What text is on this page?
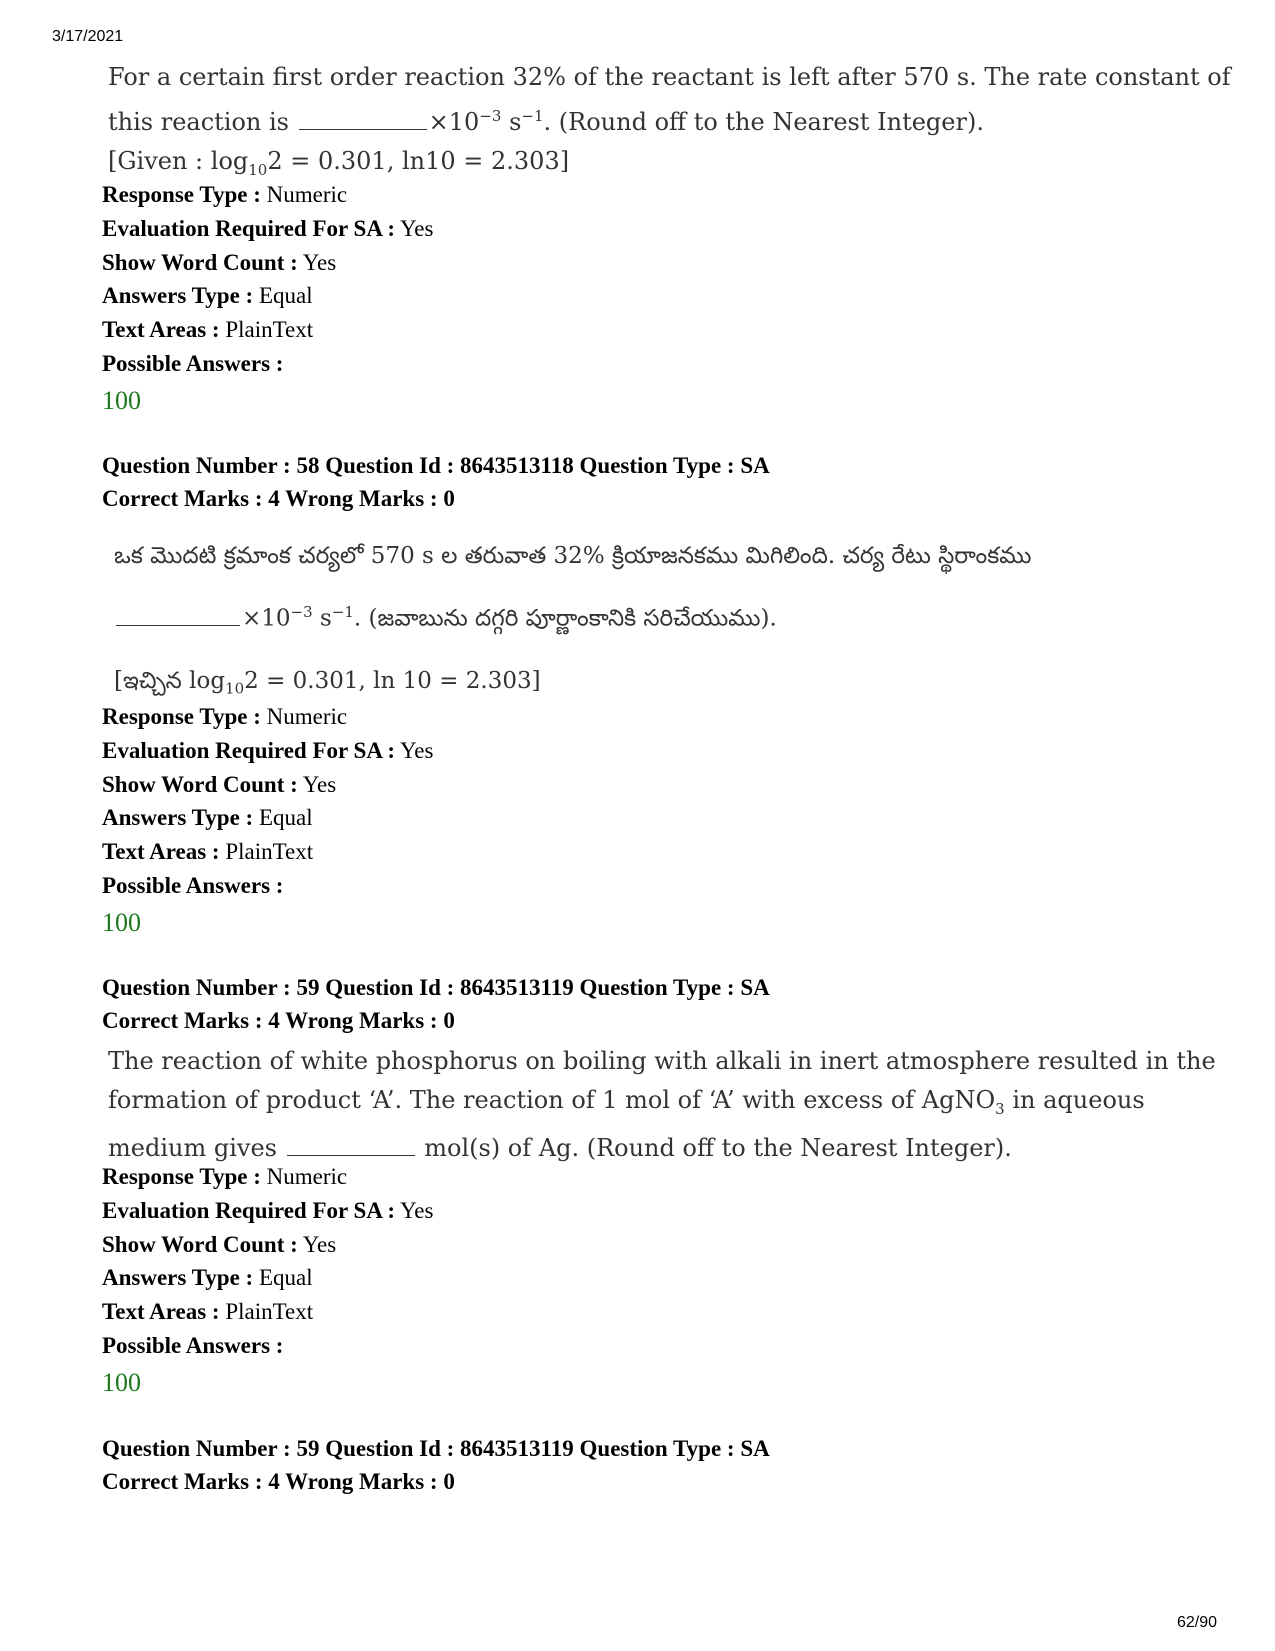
3/17/2021
For a certain first order reaction 32% of the reactant is left after 570 s. The rate constant of
this reaction is	$\times 10^{-3}$ $s^{-1}$. (Round off to the Nearest Integer).
[Given : $\log_{10}2 = 0.301$, ln10 = 2.303]
Response Type : Numeric
Evaluation Required For SA : Yes
Show Word Count : Yes
Answers Type : Equal
Text Areas : PlainText
Possible Answers :
100
Question Number : 58 Question Id : 8643513118 Question Type : SA
Correct Marks : 4 Wrong Marks : 0
ఒక మొదటి క్రమాంక చర్యలో 570 s ల తరువాత 32% క్రియాజనకము మిగిలింది. చర్య రేటు స్థిరాంకము
$\times 10^{-3}$ $s^{-1}$. (జవాబును దగ్గరి పూర్ణాంకానికి సరిచేయుము).
[ఇచ్చిన $\log_{10}2 = 0.301$, ln 10 = 2.303]
Response Type : Numeric
Evaluation Required For SA : Yes
Show Word Count : Yes
Answers Type : Equal
Text Areas : PlainText
Possible Answers :
100
Question Number : 59 Question Id : 8643513119 Question Type : SA
Correct Marks : 4 Wrong Marks : 0
The reaction of white phosphorus on boiling with alkali in inert atmosphere resulted in the
formation of product ‘A’. The reaction of 1 mol of ‘A’ with excess of AgNO$_3$ in aqueous
medium gives	mol(s) of Ag. (Round off to the Nearest Integer).
Response Type : Numeric
Evaluation Required For SA : Yes
Show Word Count : Yes
Answers Type : Equal
Text Areas : PlainText
Possible Answers :
100
Question Number : 59 Question Id : 8643513119 Question Type : SA
Correct Marks : 4 Wrong Marks : 0
62/90
